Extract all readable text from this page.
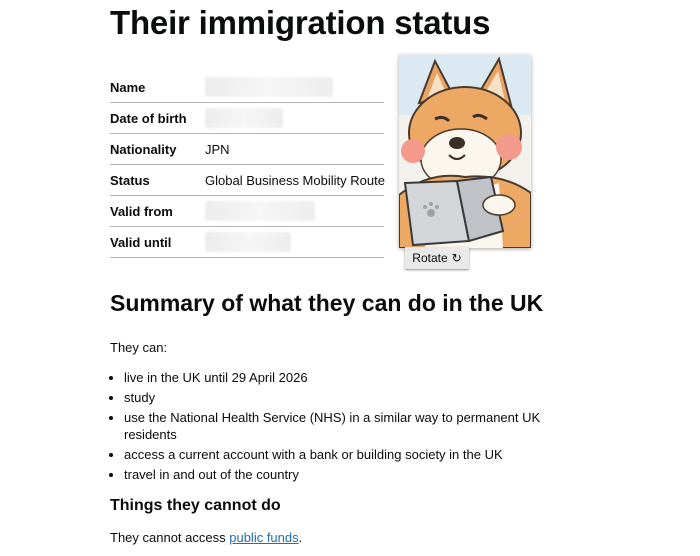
Their immigration status
Name
Date of birth
Nationality	JPN
Status	Global Business Mobility Route
Valid from
Valid until
Rotate ↻
Summary of what they can do in the UK

They can:

• live in the UK until 29 April 2026
• study
• use the National Health Service (NHS) in a similar way to permanent UK residents
• access a current account with a bank or building society in the UK
• travel in and out of the country
Things they cannot do

They cannot access public funds.
